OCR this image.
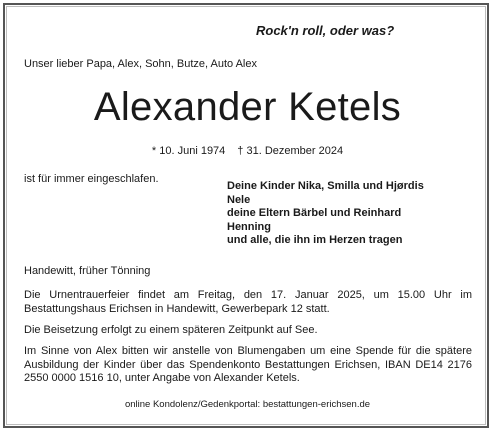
Rock'n roll, oder was?
Unser lieber Papa, Alex, Sohn, Butze, Auto Alex
Alexander Ketels
* 10. Juni 1974 † 31. Dezember 2024
ist für immer eingeschlafen.
Deine Kinder Nika, Smilla und Hjørdis
Nele
deine Eltern Bärbel und Reinhard
Henning
und alle, die ihn im Herzen tragen
Handewitt, früher Tönning
Die Urnentrauerfeier findet am Freitag, den 17. Januar 2025, um 15.00 Uhr im Bestattungshaus Erichsen in Handewitt, Gewerbepark 12 statt.
Die Beisetzung erfolgt zu einem späteren Zeitpunkt auf See.
Im Sinne von Alex bitten wir anstelle von Blumengaben um eine Spende für die spätere Ausbildung der Kinder über das Spendenkonto Bestattungen Erichsen, IBAN DE14 2176 2550 0000 1516 10, unter Angabe von Alexander Ketels.
online Kondolenz/Gedenkportal: bestattungen-erichsen.de
